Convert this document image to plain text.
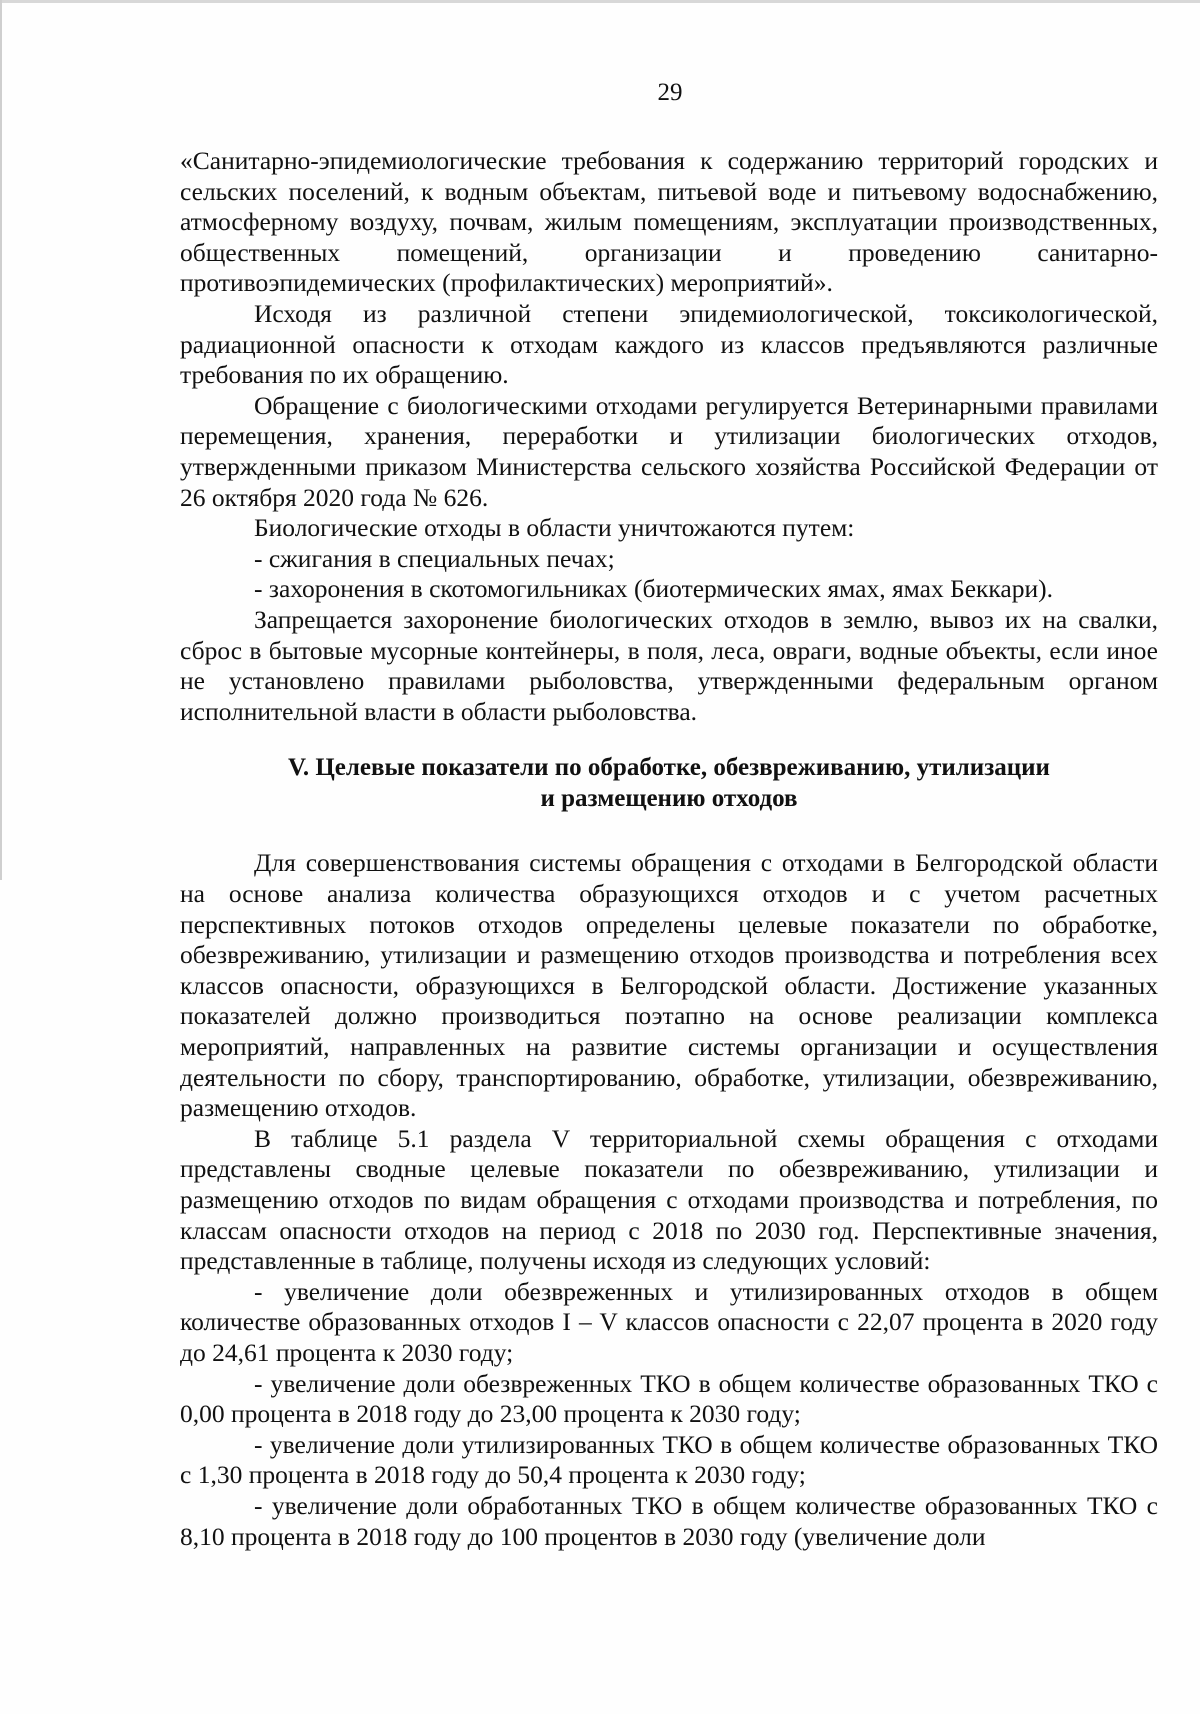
29

«Санитарно-эпидемиологические требования к содержанию территорий городских и сельских поселений, к водным объектам, питьевой воде и питьевому водоснабжению, атмосферному воздуху, почвам, жилым помещениям, эксплуатации производственных, общественных помещений, организации и проведению санитарно-противоэпидемических (профилактических) мероприятий».

Исходя из различной степени эпидемиологической, токсикологической, радиационной опасности к отходам каждого из классов предъявляются различные требования по их обращению.

Обращение с биологическими отходами регулируется Ветеринарными правилами перемещения, хранения, переработки и утилизации биологических отходов, утвержденными приказом Министерства сельского хозяйства Российской Федерации от 26 октября 2020 года № 626.

Биологические отходы в области уничтожаются путем:

- сжигания в специальных печах;

- захоронения в скотомогильниках (биотермических ямах, ямах Беккари).

Запрещается захоронение биологических отходов в землю, вывоз их на свалки, сброс в бытовые мусорные контейнеры, в поля, леса, овраги, водные объекты, если иное не установлено правилами рыболовства, утвержденными федеральным органом исполнительной власти в области рыболовства.

V. Целевые показатели по обработке, обезвреживанию, утилизации
и размещению отходов

Для совершенствования системы обращения с отходами в Белгородской области на основе анализа количества образующихся отходов и с учетом расчетных перспективных потоков отходов определены целевые показатели по обработке, обезвреживанию, утилизации и размещению отходов производства и потребления всех классов опасности, образующихся в Белгородской области. Достижение указанных показателей должно производиться поэтапно на основе реализации комплекса мероприятий, направленных на развитие системы организации и осуществления деятельности по сбору, транспортированию, обработке, утилизации, обезвреживанию, размещению отходов.

В таблице 5.1 раздела V территориальной схемы обращения с отходами представлены сводные целевые показатели по обезвреживанию, утилизации и размещению отходов по видам обращения с отходами производства и потребления, по классам опасности отходов на период с 2018 по 2030 год. Перспективные значения, представленные в таблице, получены исходя из следующих условий:

- увеличение доли обезвреженных и утилизированных отходов в общем количестве образованных отходов I – V классов опасности с 22,07 процента в 2020 году до 24,61 процента к 2030 году;

- увеличение доли обезвреженных ТКО в общем количестве образованных ТКО с 0,00 процента в 2018 году до 23,00 процента к 2030 году;

- увеличение доли утилизированных ТКО в общем количестве образованных ТКО с 1,30 процента в 2018 году до 50,4 процента к 2030 году;

- увеличение доли обработанных ТКО в общем количестве образованных ТКО с 8,10 процента в 2018 году до 100 процентов в 2030 году (увеличение доли
